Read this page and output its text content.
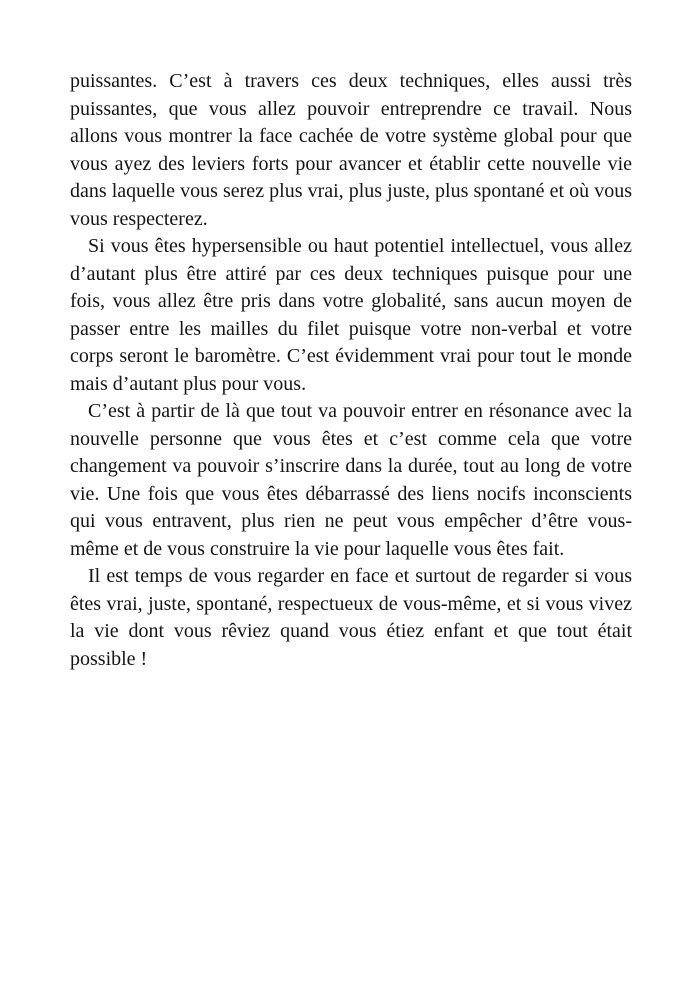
puissantes. C’est à travers ces deux techniques, elles aussi très puissantes, que vous allez pouvoir entreprendre ce travail. Nous allons vous montrer la face cachée de votre système global pour que vous ayez des leviers forts pour avancer et établir cette nouvelle vie dans laquelle vous serez plus vrai, plus juste, plus spontané et où vous vous respecterez.

Si vous êtes hypersensible ou haut potentiel intellectuel, vous allez d’autant plus être attiré par ces deux techniques puisque pour une fois, vous allez être pris dans votre globalité, sans aucun moyen de passer entre les mailles du filet puisque votre non-verbal et votre corps seront le baromètre. C’est évidemment vrai pour tout le monde mais d’autant plus pour vous.

C’est à partir de là que tout va pouvoir entrer en résonance avec la nouvelle personne que vous êtes et c’est comme cela que votre changement va pouvoir s’inscrire dans la durée, tout au long de votre vie. Une fois que vous êtes débarrassé des liens nocifs inconscients qui vous entravent, plus rien ne peut vous empêcher d’être vous-même et de vous construire la vie pour laquelle vous êtes fait.

Il est temps de vous regarder en face et surtout de regarder si vous êtes vrai, juste, spontané, respectueux de vous-même, et si vous vivez la vie dont vous rêviez quand vous étiez enfant et que tout était possible !
